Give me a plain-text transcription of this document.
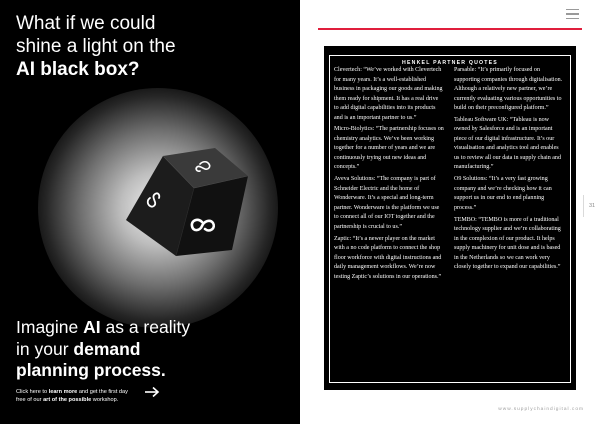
What if we could
shine a light on the
AI black box?
Imagine AI as a reality
in your demand
planning process.
Click here to learn more and get the first day
free of our art of the possible workshop.
HENKEL PARTNER QUOTES

Clevertech: “We’ve worked with Clevertech for many years. It’s a well-established business in packaging our goods and making them ready for shipment. It has a real drive to add digital capabilities into its products and is an important partner to us.”

Micro-Biolytics: “The partnership focuses on chemistry analytics. We’ve been working together for a number of years and we are continuously trying out new ideas and concepts.”

Aveva Solutions: “The company is part of Schneider Electric and the home of Wonderware. It’s a special and long-term partner. Wonderware is the platform we use to connect all of our IOT together and the partnership is crucial to us.”

Zaptic: “It’s a newer player on the market with a no code platform to connect the shop floor workforce with digital instructions and daily management workflows. We’re now testing Zaptic’s solutions in our operations.”

Parsable: “It’s primarily focused on supporting companies through digitalisation. Although a relatively new partner, we’re currently evaluating various opportunities to build on their preconfigured platform.”

Tableau Software UK: “Tableau is now owned by Salesforce and is an important piece of our digital infrastructure. It’s our visualisation and analytics tool and enables us to review all our data in supply chain and manufacturing.”

O9 Solutions: “It’s a very fast growing company and we’re checking how it can support us in our end to end planning process.”

TEMBO: “TEMBO is more of a traditional technology supplier and we’re collaborating in the complexion of our product. It helps supply machinery for unit dose and is based in the Netherlands so we can work very closely together to expand our capabilities.”

31
www.supplychaindigital.com
